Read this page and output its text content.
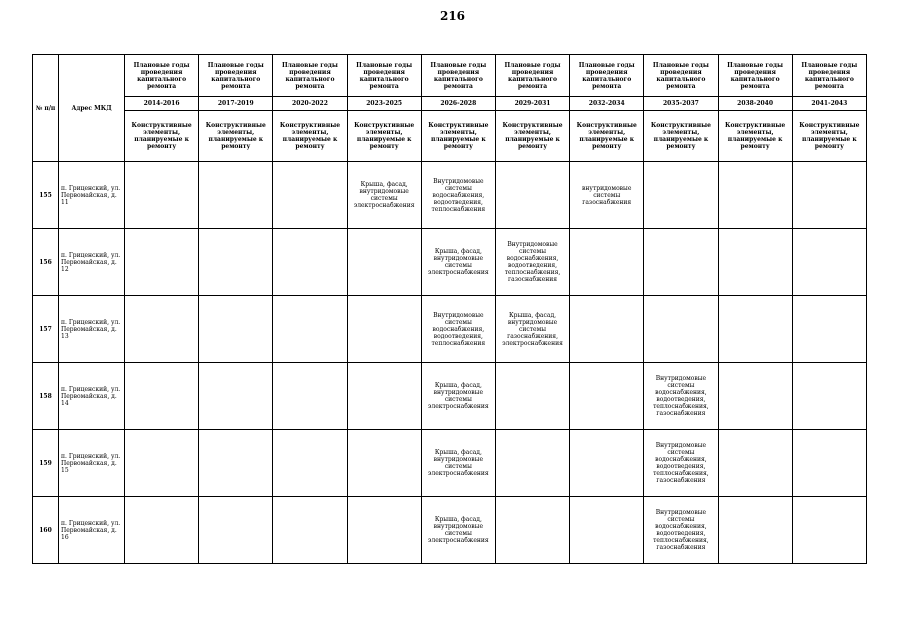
216
№ п/п	Адрес МКД	Плановые годы проведения капитального ремонта	Плановые годы проведения капитального ремонта	Плановые годы проведения капитального ремонта	Плановые годы проведения капитального ремонта	Плановые годы проведения капитального ремонта	Плановые годы проведения капитального ремонта	Плановые годы проведения капитального ремонта	Плановые годы проведения капитального ремонта	Плановые годы проведения капитального ремонта	Плановые годы проведения капитального ремонта
		2014-2016	2017-2019	2020-2022	2023-2025	2026-2028	2029-2031	2032-2034	2035-2037	2038-2040	2041-2043
		Конструктивные элементы, планируемые к ремонту	Конструктивные элементы, планируемые к ремонту	Конструктивные элементы, планируемые к ремонту	Конструктивные элементы, планируемые к ремонту	Конструктивные элементы, планируемые к ремонту	Конструктивные элементы, планируемые к ремонту	Конструктивные элементы, планируемые к ремонту	Конструктивные элементы, планируемые к ремонту	Конструктивные элементы, планируемые к ремонту	Конструктивные элементы, планируемые к ремонту
155	п. Гриценский, ул. Первомайская, д. 11				Крыша, фасад, внутридомовые системы электроснабжения	Внутридомовые системы водоснабжения, водоотведения, теплоснабжения		внутридомовые системы газоснабжения			
156	п. Гриценский, ул. Первомайская, д. 12					Крыша, фасад, внутридомовые системы электроснабжения	Внутридомовые системы водоснабжения, водоотведения, теплоснабжения, газоснабжения				
157	п. Гриценский, ул. Первомайская, д. 13					Внутридомовые системы водоснабжения, водоотведения, теплоснабжения	Крыша, фасад, внутридомовые системы газоснабжения, электроснабжения				
158	п. Гриценский, ул. Первомайская, д. 14					Крыша, фасад, внутридомовые системы электроснабжения			Внутридомовые системы водоснабжения, водоотведения, теплоснабжения, газоснабжения		
159	п. Гриценский, ул. Первомайская, д. 15					Крыша, фасад, внутридомовые системы электроснабжения			Внутридомовые системы водоснабжения, водоотведения, теплоснабжения, газоснабжения		
160	п. Гриценский, ул. Первомайская, д. 16					Крыша, фасад, внутридомовые системы электроснабжения			Внутридомовые системы водоснабжения, водоотведения, теплоснабжения, газоснабжения		
